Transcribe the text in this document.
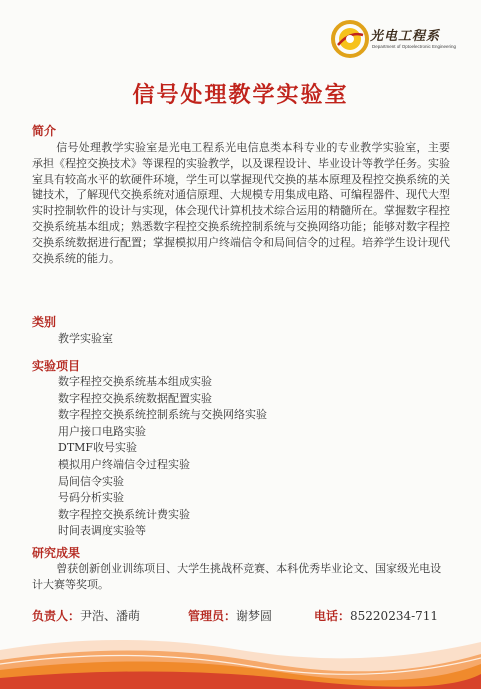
光电工程系
Department of Optoelectronic Engineering
信号处理教学实验室
简介

信号处理教学实验室是光电工程系光电信息类本科专业的专业教学实验室，主要承担《程控交换技术》等课程的实验教学，以及课程设计、毕业设计等教学任务。实验室具有较高水平的软硬件环境，学生可以掌握现代交换的基本原理及程控交换系统的关键技术，了解现代交换系统对通信原理、大规模专用集成电路、可编程器件、现代大型实时控制软件的设计与实现，体会现代计算机技术综合运用的精髓所在。掌握数字程控交换系统基本组成；熟悉数字程控交换系统控制系统与交换网络功能；能够对数字程控交换系统数据进行配置；掌握模拟用户终端信令和局间信令的过程。培养学生设计现代交换系统的能力。

类别
教学实验室
实验项目
数字程控交换系统基本组成实验
数字程控交换系统数据配置实验
数字程控交换系统控制系统与交换网络实验
用户接口电路实验
DTMF收号实验
模拟用户终端信令过程实验
局间信令实验
号码分析实验
数字程控交换系统计费实验
时间表调度实验等
研究成果

曾获创新创业训练项目、大学生挑战杯竞赛、本科优秀毕业论文、国家级光电设计大赛等奖项。

负责人：尹浩、潘萌	管理员：谢梦圆	电话：85220234-711
